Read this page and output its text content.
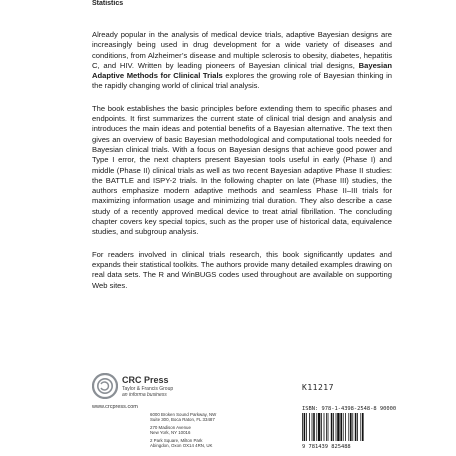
Statistics

Already popular in the analysis of medical device trials, adaptive Bayesian designs are increasingly being used in drug development for a wide variety of diseases and conditions, from Alzheimer’s disease and multiple sclerosis to obesity, diabetes, hepatitis C, and HIV. Written by leading pioneers of Bayesian clinical trial designs, Bayesian Adaptive Methods for Clinical Trials explores the growing role of Bayesian thinking in the rapidly changing world of clinical trial analysis.

The book establishes the basic principles before extending them to specific phases and endpoints. It first summarizes the current state of clinical trial design and analysis and introduces the main ideas and potential benefits of a Bayesian alternative. The text then gives an overview of basic Bayesian methodological and computational tools needed for Bayesian clinical trials. With a focus on Bayesian designs that achieve good power and Type I error, the next chapters present Bayesian tools useful in early (Phase I) and middle (Phase II) clinical trials as well as two recent Bayesian adaptive Phase II studies: the BATTLE and ISPY-2 trials. In the following chapter on late (Phase III) studies, the authors emphasize modern adaptive methods and seamless Phase II–III trials for maximizing information usage and minimizing trial duration. They also describe a case study of a recently approved medical device to treat atrial fibrillation. The concluding chapter covers key special topics, such as the proper use of historical data, equivalence studies, and subgroup analysis.

For readers involved in clinical trials research, this book significantly updates and expands their statistical toolkits. The authors provide many detailed examples drawing on real data sets. The R and WinBUGS codes used throughout are available on supporting Web sites.

CRC Press
Taylor & Francis Group
an informa business
www.crcpress.com
6000 Broken Sound Parkway, NW
Suite 300, Boca Raton, FL 33487
270 Madison Avenue
New York, NY 10016
2 Park Square, Milton Park
Abingdon, Oxon OX14 4RN, UK
K11217
ISBN: 978-1-4398-2548-8 90000
9 781439 825488
